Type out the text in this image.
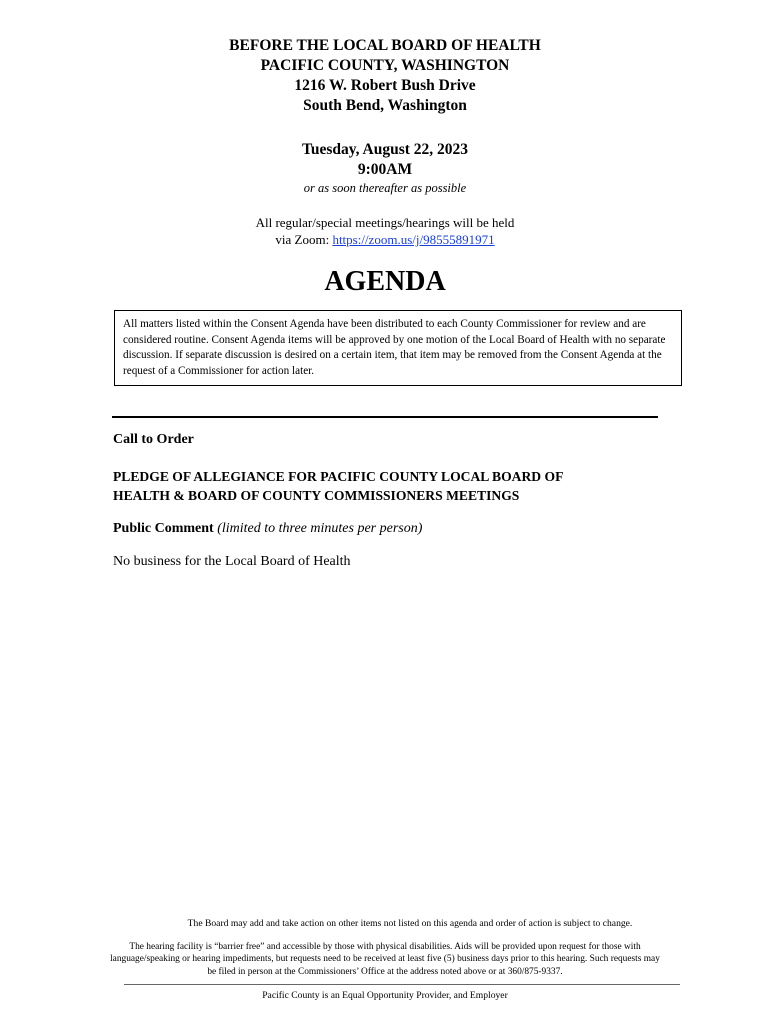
BEFORE THE LOCAL BOARD OF HEALTH
PACIFIC COUNTY, WASHINGTON
1216 W. Robert Bush Drive
South Bend, Washington
Tuesday, August 22, 2023
9:00AM
or as soon thereafter as possible
All regular/special meetings/hearings will be held
via Zoom: https://zoom.us/j/98555891971
AGENDA
All matters listed within the Consent Agenda have been distributed to each County Commissioner for review and are considered routine. Consent Agenda items will be approved by one motion of the Local Board of Health with no separate discussion. If separate discussion is desired on a certain item, that item may be removed from the Consent Agenda at the request of a Commissioner for action later.
Call to Order
PLEDGE OF ALLEGIANCE FOR PACIFIC COUNTY LOCAL BOARD OF
HEALTH & BOARD OF COUNTY COMMISSIONERS MEETINGS
Public Comment (limited to three minutes per person)
No business for the Local Board of Health
The Board may add and take action on other items not listed on this agenda and order of action is subject to change.
The hearing facility is “barrier free” and accessible by those with physical disabilities. Aids will be provided upon request for those with language/speaking or hearing impediments, but requests need to be received at least five (5) business days prior to this hearing. Such requests may be filed in person at the Commissioners’ Office at the address noted above or at 360/875-9337.
Pacific County is an Equal Opportunity Provider, and Employer
